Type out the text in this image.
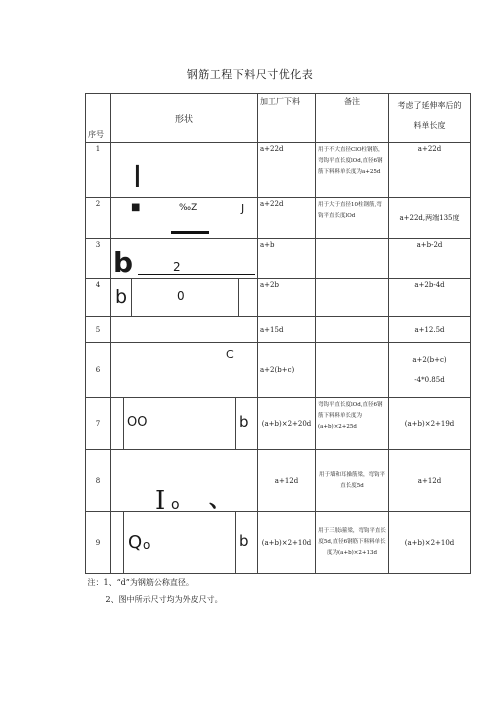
钢筋工程下料尺寸优化表
序号	形状	加工厂下料	备注	考虑了延伸率后的
料单长度

1	I	a+22d	用于不大直径ClO柱钢筋，弯钩平直长度lOd,直径6钢筋下料料单长度为a+25d	a+22d
2	■ ‰Z J	a+22d	用于大于直径10柱钢筋,弯钩平直长度lOd	a+22d,两端135度
3	b 2	a+b		a+b-2d
4	b 0	a+2b		a+2b-4d
5		a+15d		a+12.5d
6	C	a+2(b+c)		a+2(b+c)
-4*0.85d

7	OO b	(a+b)×2+20d	弯钩平直长度lOd,直径6钢筋下料料单长度为(a+b)×2+25d	(a+b)×2+19d
8	I o 、	a+12d	用于墙和耳操筋梁，弯钩平直长度5d	a+12d
9	Q o b	(a+b)×2+10d	用于三肢ì箍梁，弯钩平直长度5d,直径6钢筋下料料单长度为(a+b)×2+13d	(a+b)×2+10d
注：1、“d”为钢筋公称直径。				
2、图中所示尺寸均为外皮尺寸。				
